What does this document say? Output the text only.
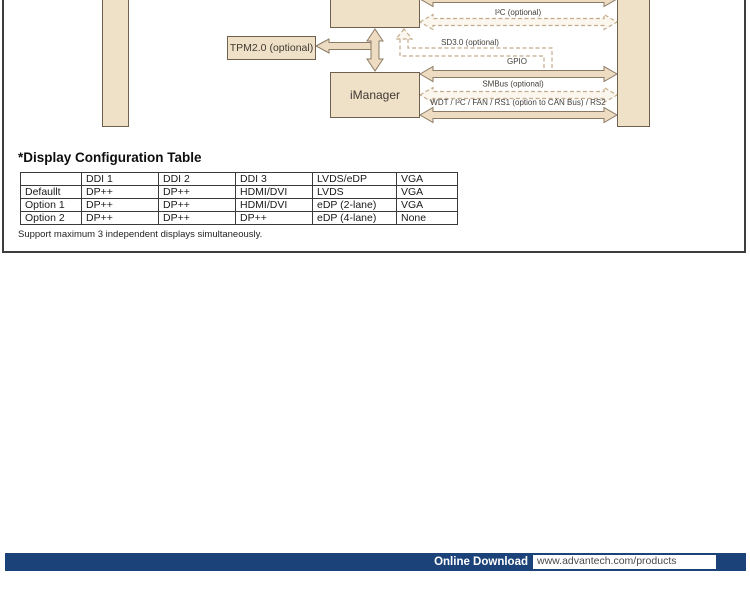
I²C (optional)
SD3.0 (optional)
GPIO
SMBus (optional)
WDT / I²C / FAN / RS1 (option to CAN Bus) / RS2
TPM2.0 (optional)
iManager
*Display Configuration Table
	DDI 1	DDI 2	DDI 3	LVDS/eDP	VGA
Defaullt	DP++	DP++	HDMI/DVI	LVDS	VGA
Option 1	DP++	DP++	HDMI/DVI	eDP (2-lane)	VGA
Option 2	DP++	DP++	DP++	eDP (4-lane)	None
Support maximum 3 independent displays simultaneously.
Online Download www.advantech.com/products
